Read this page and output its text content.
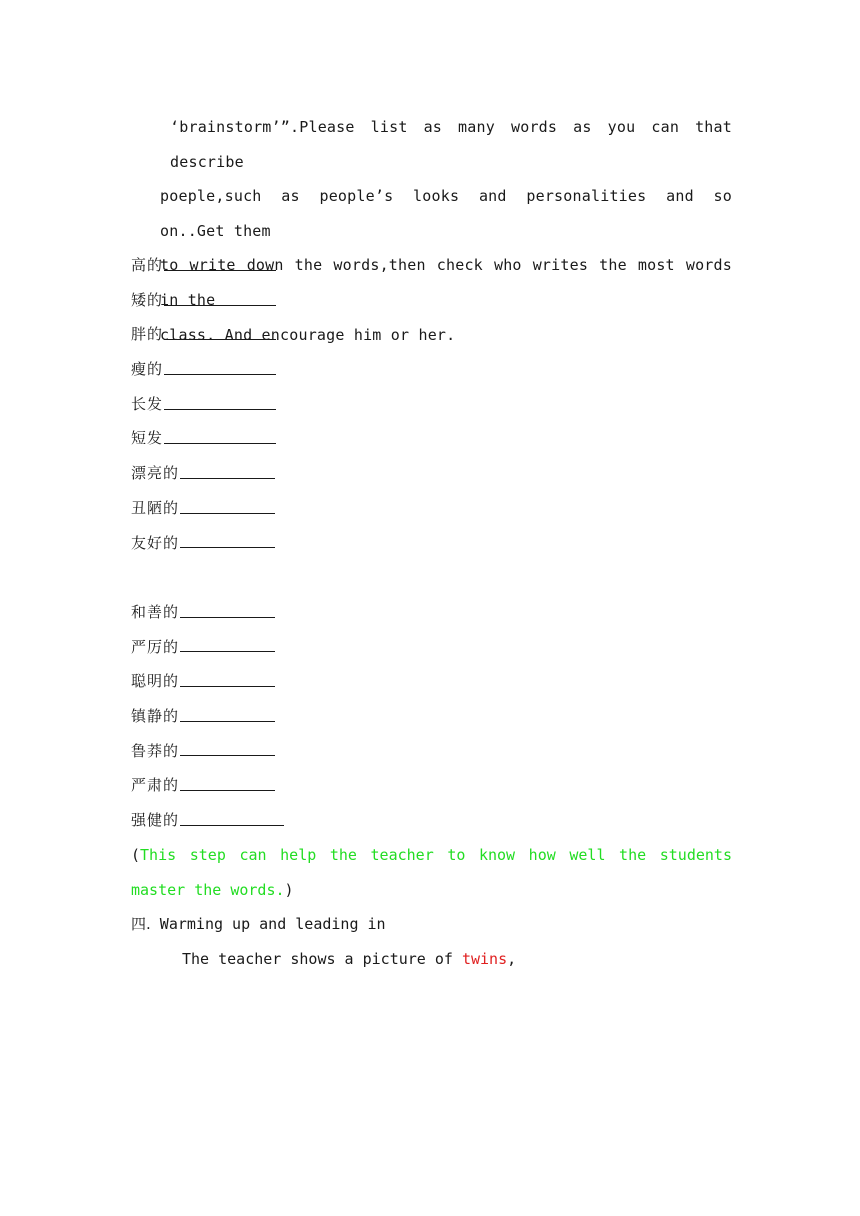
‘brainstorm’”.Please list as many words as you can that describe
poeple,such as people’s looks and personalities and so on..Get them
to write down the words,then check who writes the most words in the
class. And encourage him or her.
高的
矮的
胖的
瘦的
长发
短发
漂亮的
丑陋的
友好的
和善的
严厉的
聪明的
镇静的
鲁莽的
严肃的
强健的
(This step can help the teacher to know how well the students master the words.)
四. Warming up and leading in
The teacher shows a picture of twins,
